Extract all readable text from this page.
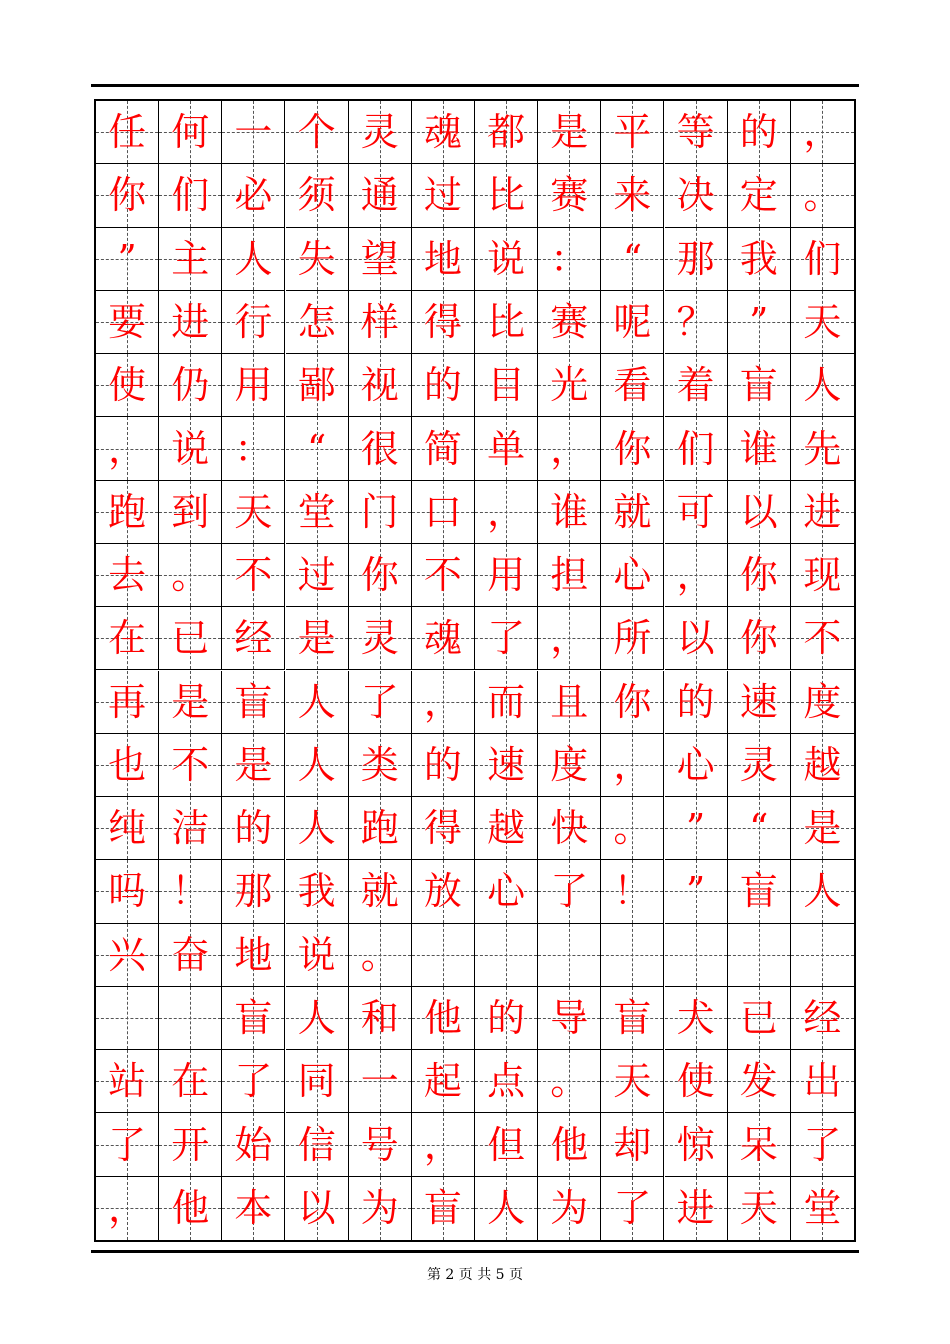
任 何 一 个 灵 魂 都 是 平 等 的 ，
你 们 必 须 通 过 比 赛 来 决 定 。
” 主 人 失 望 地 说 ： “ 那 我 们
要 进 行 怎 样 得 比 赛 呢 ？ ” 天
使 仍 用 鄙 视 的 目 光 看 着 盲 人
， 说 ： “ 很 简 单 ， 你 们 谁 先
跑 到 天 堂 门 口 ， 谁 就 可 以 进
去 。 不 过 你 不 用 担 心 ， 你 现
在 已 经 是 灵 魂 了 ， 所 以 你 不
再 是 盲 人 了 ， 而 且 你 的 速 度
也 不 是 人 类 的 速 度 ， 心 灵 越
纯 洁 的 人 跑 得 越 快 。 ” “ 是
吗 ！ 那 我 就 放 心 了 ！ ” 盲 人
兴 奋 地 说 。
盲 人 和 他 的 导 盲 犬 已 经
站 在 了 同 一 起 点 。 天 使 发 出
了 开 始 信 号 ， 但 他 却 惊 呆 了
， 他 本 以 为 盲 人 为 了 进 天 堂
第 2 页 共 5 页
